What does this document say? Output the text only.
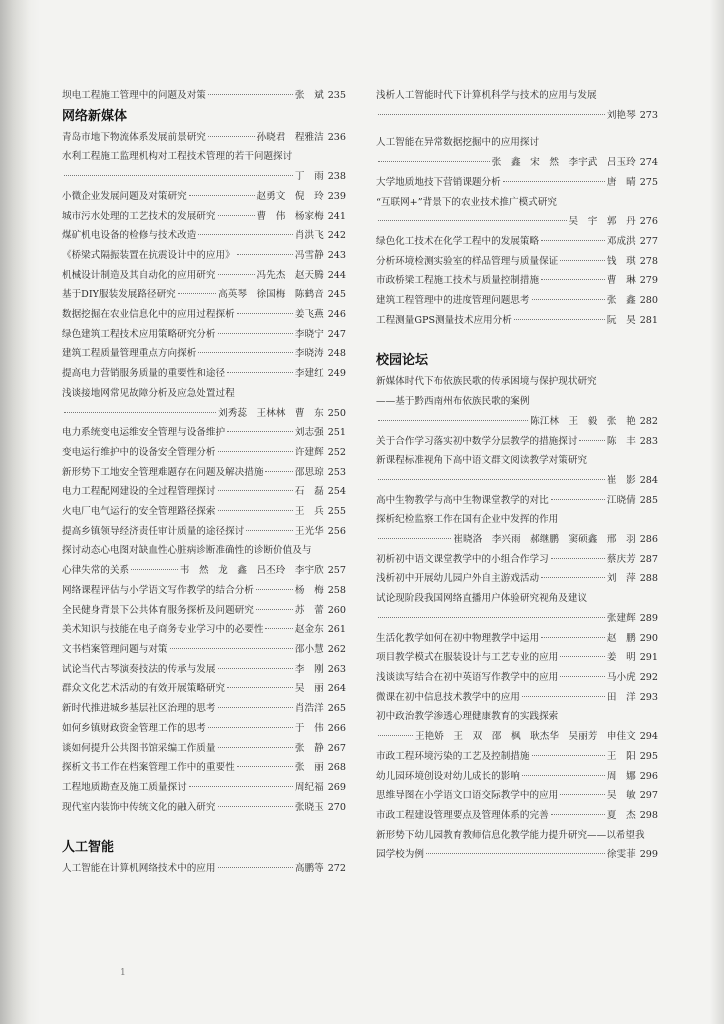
坝电工程施工管理中的问题及对策	张　斌 235
网络新媒体
青岛市地下物流体系发展前景研究	孙晓君　程雅洁 236
水利工程施工监理机构对工程技术管理的若干问题探讨
丁　雨 238
小微企业发展问题及对策研究	赵勇文　倪　玲 239
城市污水处理的工艺技术的发展研究	曹　伟　杨家梅 241
煤矿机电设备的检修与技术改造	肖洪飞 242
《桥梁式隔振装置在抗震设计中的应用》	冯雪静 243
机械设计制造及其自动化的应用研究	冯先杰　赵天腾 244
基于DIY服装发展路径研究	高英琴　徐国梅　陈鹤音 245
数据挖掘在农业信息化中的应用过程探析	姜飞燕 246
绿色建筑工程技术应用策略研究分析	李晓宁 247
建筑工程质量管理重点方向探析	李晓涛 248
提高电力营销服务质量的重要性和途径	李建红 249
浅谈接地网常见故障分析及应急处置过程
刘秀蕊　王林林　曹　东 250
电力系统变电运维安全管理与设备维护	刘志强 251
变电运行维护中的设备安全管理分析	许建辉 252
新形势下工地安全管理难题存在问题及解决措施	邵思琼 253
电力工程配网建设的全过程管理探讨	石　磊 254
火电厂电气运行的安全管理路径探索	王　兵 255
提高乡镇领导经济责任审计质量的途径探讨	王光华 256
探讨动态心电图对缺血性心脏病诊断准确性的诊断价值及与
心律失常的关系	韦　然　龙　鑫　吕丕玲　李宇欣 257
网络课程评估与小学语文写作教学的结合分析	杨　梅 258
全民健身背景下公共体育服务探析及问题研究	苏　蕾 260
美术知识与技能在电子商务专业学习中的必要性	赵金东 261
文书档案管理问题与对策	邵小慧 262
试论当代古琴演奏技法的传承与发展	李　刚 263
群众文化艺术活动的有效开展策略研究	吴　丽 264
新时代推进城乡基层社区治理的思考	肖浩洋 265
如何乡镇财政资金管理工作的思考	于　伟 266
谈如何提升公共图书馆采编工作质量	张　静 267
探析文书工作在档案管理工作中的重要性	张　丽 268
工程地质勘查及施工质量探讨	周纪福 269
现代室内装饰中传统文化的融入研究	张晓玉 270
人工智能
人工智能在计算机网络技术中的应用	高鹏等 272
浅析人工智能时代下计算机科学与技术的应用与发展
刘艳琴 273
人工智能在异常数据挖掘中的应用探讨
张　鑫　宋　然　李宇武　吕玉玲 274
大学地质地技下营销课题分析	唐　晴 275
“互联网+”背景下的农业技术推广模式研究
吴　宇　郭　丹 276
绿色化工技术在化学工程中的发展策略	邓成洪 277
分析环境检测实验室的样品管理与质量保证	钱　琪 278
市政桥梁工程施工技术与质量控制措施	曹　琳 279
建筑工程管理中的进度管理问题思考	张　鑫 280
工程测量GPS测量技术应用分析	阮　昊 281
校园论坛
新媒体时代下布依族民歌的传承困境与保护现状研究
——基于黔西南州布依族民歌的案例
陈江林　王　毅　张　艳 282
关于合作学习落实初中数学分层教学的措施探讨	陈　丰 283
新课程标准视角下高中语文群文阅读教学对策研究
崔　影 284
高中生物教学与高中生物课堂教学的对比	江晓倩 285
探析纪检监察工作在国有企业中发挥的作用
崔晓洛　李兴雨　郝继鹏　窦硕鑫　邢　羽 286
初析初中语文课堂教学中的小组合作学习	蔡庆芳 287
浅析初中开展幼儿园户外自主游戏活动	刘　萍 288
试论现阶段我国网络直播用户体验研究视角及建议
张建辉 289
生活化教学如何在初中物理教学中运用	赵　鹏 290
项目教学模式在服装设计与工艺专业的应用	姜　明 291
浅谈读写结合在初中英语写作教学中的应用	马小虎 292
微课在初中信息技术教学中的应用	田　洋 293
初中政治教学渗透心理健康教育的实践探索
王艳娇　王　双　邵　枫　耿杰华　吴丽芳　申佳文 294
市政工程环境污染的工艺及控制措施	王　阳 295
幼儿园环境创设对幼儿成长的影响	周　娜 296
思维导图在小学语文口语交际教学中的应用	吴　敏 297
市政工程建设管理要点及管理体系的完善	夏　杰 298
新形势下幼儿园教育教师信息化教学能力提升研究——以希望我
园学校为例	徐雯菲 299
1
